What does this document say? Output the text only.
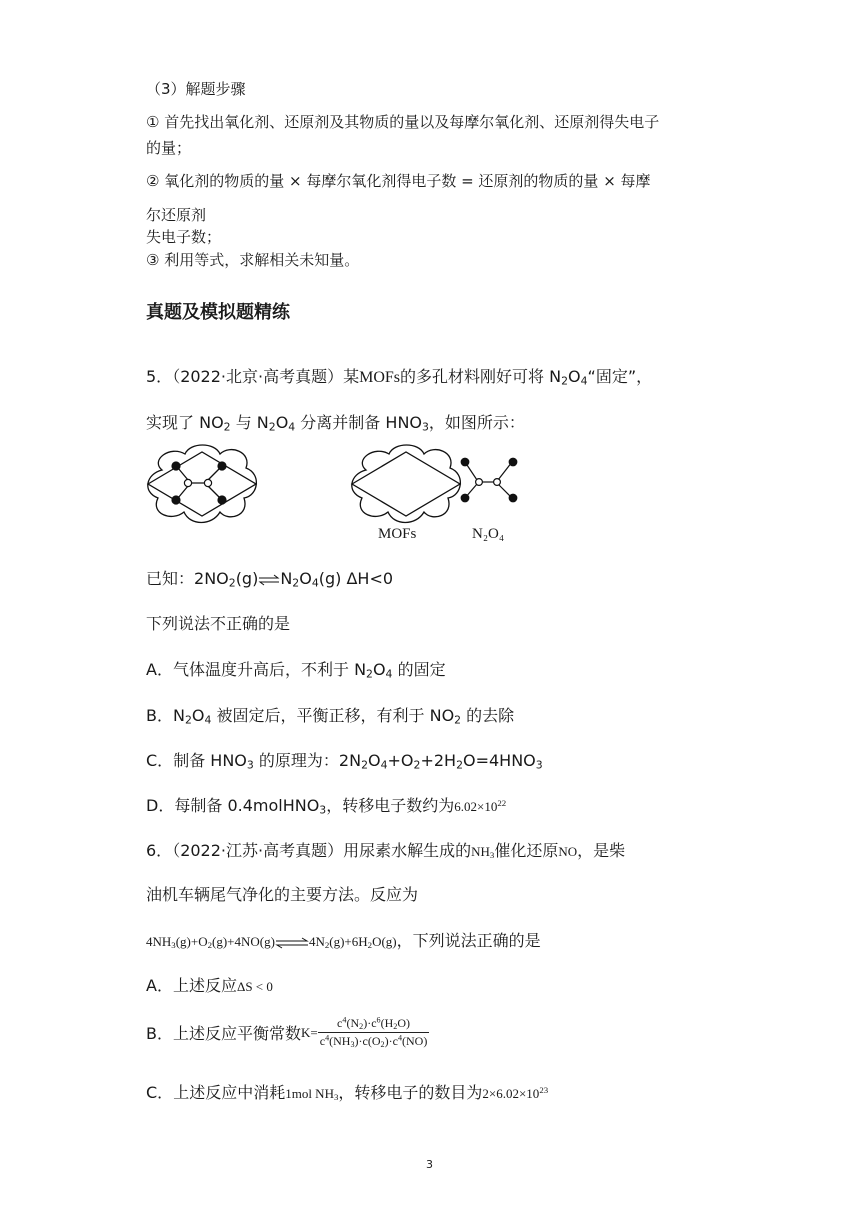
（3）解题步骤
① 首先找出氧化剂、还原剂及其物质的量以及每摩尔氧化剂、还原剂得失电子
的量；
② 氧化剂的物质的量 × 每摩尔氧化剂得电子数 = 还原剂的物质的量 × 每摩
尔还原剂
失电子数；
③ 利用等式，求解相关未知量。
真题及模拟题精练
5．（2022·北京·高考真题）某MOFs的多孔材料刚好可将 $N_2O_4“$固定”，
实现了 $NO_2$ 与 $N_2O_4$ 分离并制备 $HNO_3$，如图所示：
MOFs	N₂O₄
已知：$2NO_2(g)\rightleftharpoons N_2O_4(g)$ ΔH<0
下列说法不正确的是
A．气体温度升高后，不利于 $N_2O_4$ 的固定
B．$N_2O_4$ 被固定后，平衡正移，有利于 $NO_2$ 的去除
C．制备 $HNO_3$ 的原理为：$2N_2O_4+O_2+2H_2O=4HNO_3$
D．每制备 0.4molHNO$_3$，转移电子数约为$6.02\times 10^{22}$
6．（2022·江苏·高考真题）用尿素水解生成的$NH_3$催化还原NO，是柴
油机车辆尾气净化的主要方法。反应为
$4NH_3(g)+O_2(g)+4NO(g)\rightleftharpoons 4N_2(g)+6H_2O(g)$，下列说法正确的是
A．上述反应ΔS < 0
B． 上述反应平衡常数 $K= \frac{c^4(N_2)\cdot c^6(H_2O)}{c^4(NH_3)\cdot c(O_2)\cdot c^4(NO)}$
C．上述反应中消耗1mol $NH_3$，转移电子的数目为$2\times 6.02\times 10^{23}$
3
